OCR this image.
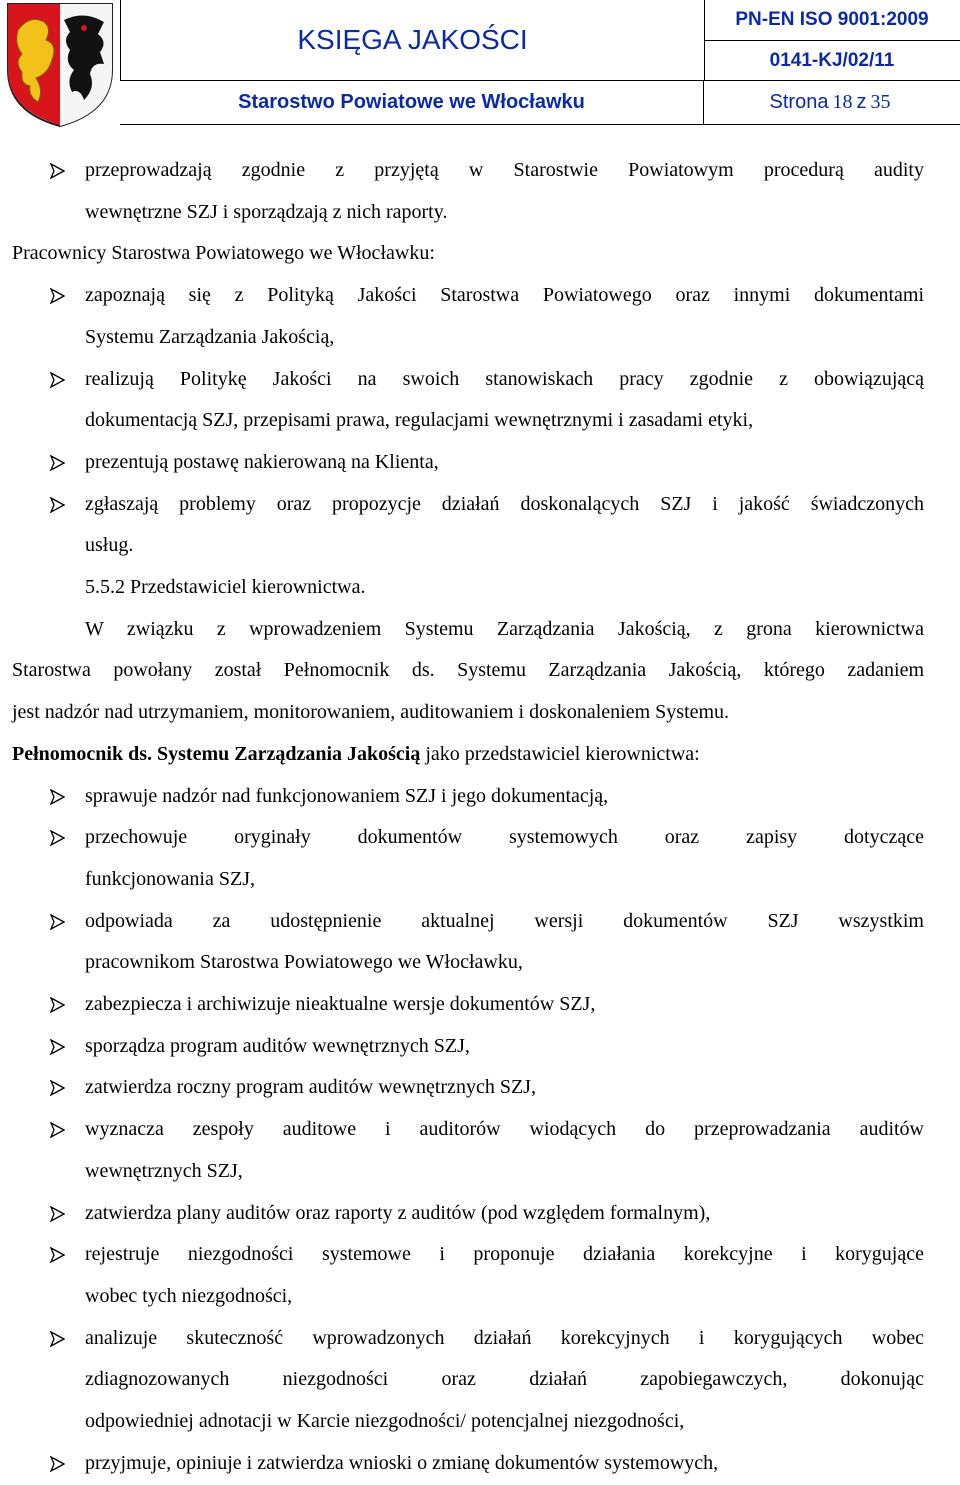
KSIĘGA JAKOŚCI
PN-EN ISO 9001:2009
0141-KJ/02/11
Starostwo Powiatowe we Włocławku	Strona 18 z 35

przeprowadzają zgodnie z przyjętą w Starostwie Powiatowym procedurą audity

wewnętrzne SZJ i sporządzają z nich raporty.

Pracownicy Starostwa Powiatowego we Włocławku:

zapoznają się z Polityką Jakości Starostwa Powiatowego oraz innymi dokumentami

Systemu Zarządzania Jakością,

realizują Politykę Jakości na swoich stanowiskach pracy zgodnie z obowiązującą

dokumentacją SZJ, przepisami prawa, regulacjami wewnętrznymi i zasadami etyki,

prezentują postawę nakierowaną na Klienta,

zgłaszają problemy oraz propozycje działań doskonalących SZJ i jakość świadczonych

usług.

5.5.2 Przedstawiciel kierownictwa.

W związku z wprowadzeniem Systemu Zarządzania Jakością, z grona kierownictwa

Starostwa powołany został Pełnomocnik ds. Systemu Zarządzania Jakością, którego zadaniem

jest nadzór nad utrzymaniem, monitorowaniem, auditowaniem i doskonaleniem Systemu.

Pełnomocnik ds. Systemu Zarządzania Jakością jako przedstawiciel kierownictwa:

sprawuje nadzór nad funkcjonowaniem SZJ i jego dokumentacją,

przechowuje oryginały dokumentów systemowych oraz zapisy dotyczące

funkcjonowania SZJ,

odpowiada za udostępnienie aktualnej wersji dokumentów SZJ wszystkim

pracownikom Starostwa Powiatowego we Włocławku,

zabezpiecza i archiwizuje nieaktualne wersje dokumentów SZJ,

sporządza program auditów wewnętrznych SZJ,

zatwierdza roczny program auditów wewnętrznych SZJ,

wyznacza zespoły auditowe i auditorów wiodących do przeprowadzania auditów

wewnętrznych SZJ,

zatwierdza plany auditów oraz raporty z auditów (pod względem formalnym),

rejestruje niezgodności systemowe i proponuje działania korekcyjne i korygujące

wobec tych niezgodności,

analizuje skuteczność wprowadzonych działań korekcyjnych i korygujących wobec

zdiagnozowanych niezgodności oraz działań zapobiegawczych, dokonując

odpowiedniej adnotacji w Karcie niezgodności/ potencjalnej niezgodności,

przyjmuje, opiniuje i zatwierdza wnioski o zmianę dokumentów systemowych,
